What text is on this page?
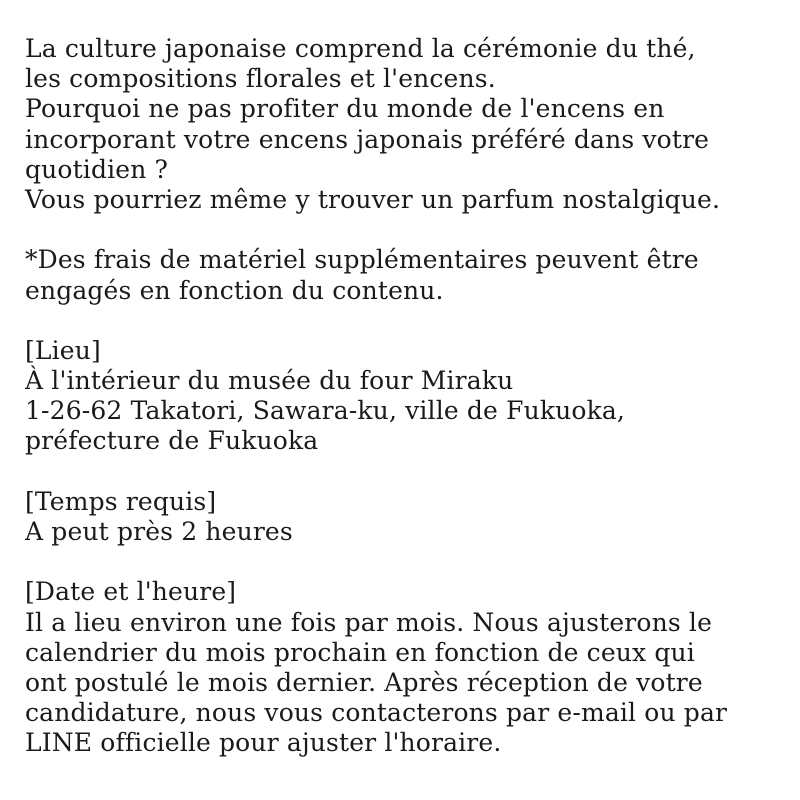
La culture japonaise comprend la cérémonie du thé,
les compositions florales et l'encens.
Pourquoi ne pas profiter du monde de l'encens en
incorporant votre encens japonais préféré dans votre
quotidien ?
Vous pourriez même y trouver un parfum nostalgique.
*Des frais de matériel supplémentaires peuvent être
engagés en fonction du contenu.
[Lieu]
À l'intérieur du musée du four Miraku
1-26-62 Takatori, Sawara-ku, ville de Fukuoka,
préfecture de Fukuoka
[Temps requis]
A peut près 2 heures
[Date et l'heure]
Il a lieu environ une fois par mois. Nous ajusterons le
calendrier du mois prochain en fonction de ceux qui
ont postulé le mois dernier. Après réception de votre
candidature, nous vous contacterons par e-mail ou par
LINE officielle pour ajuster l'horaire.
